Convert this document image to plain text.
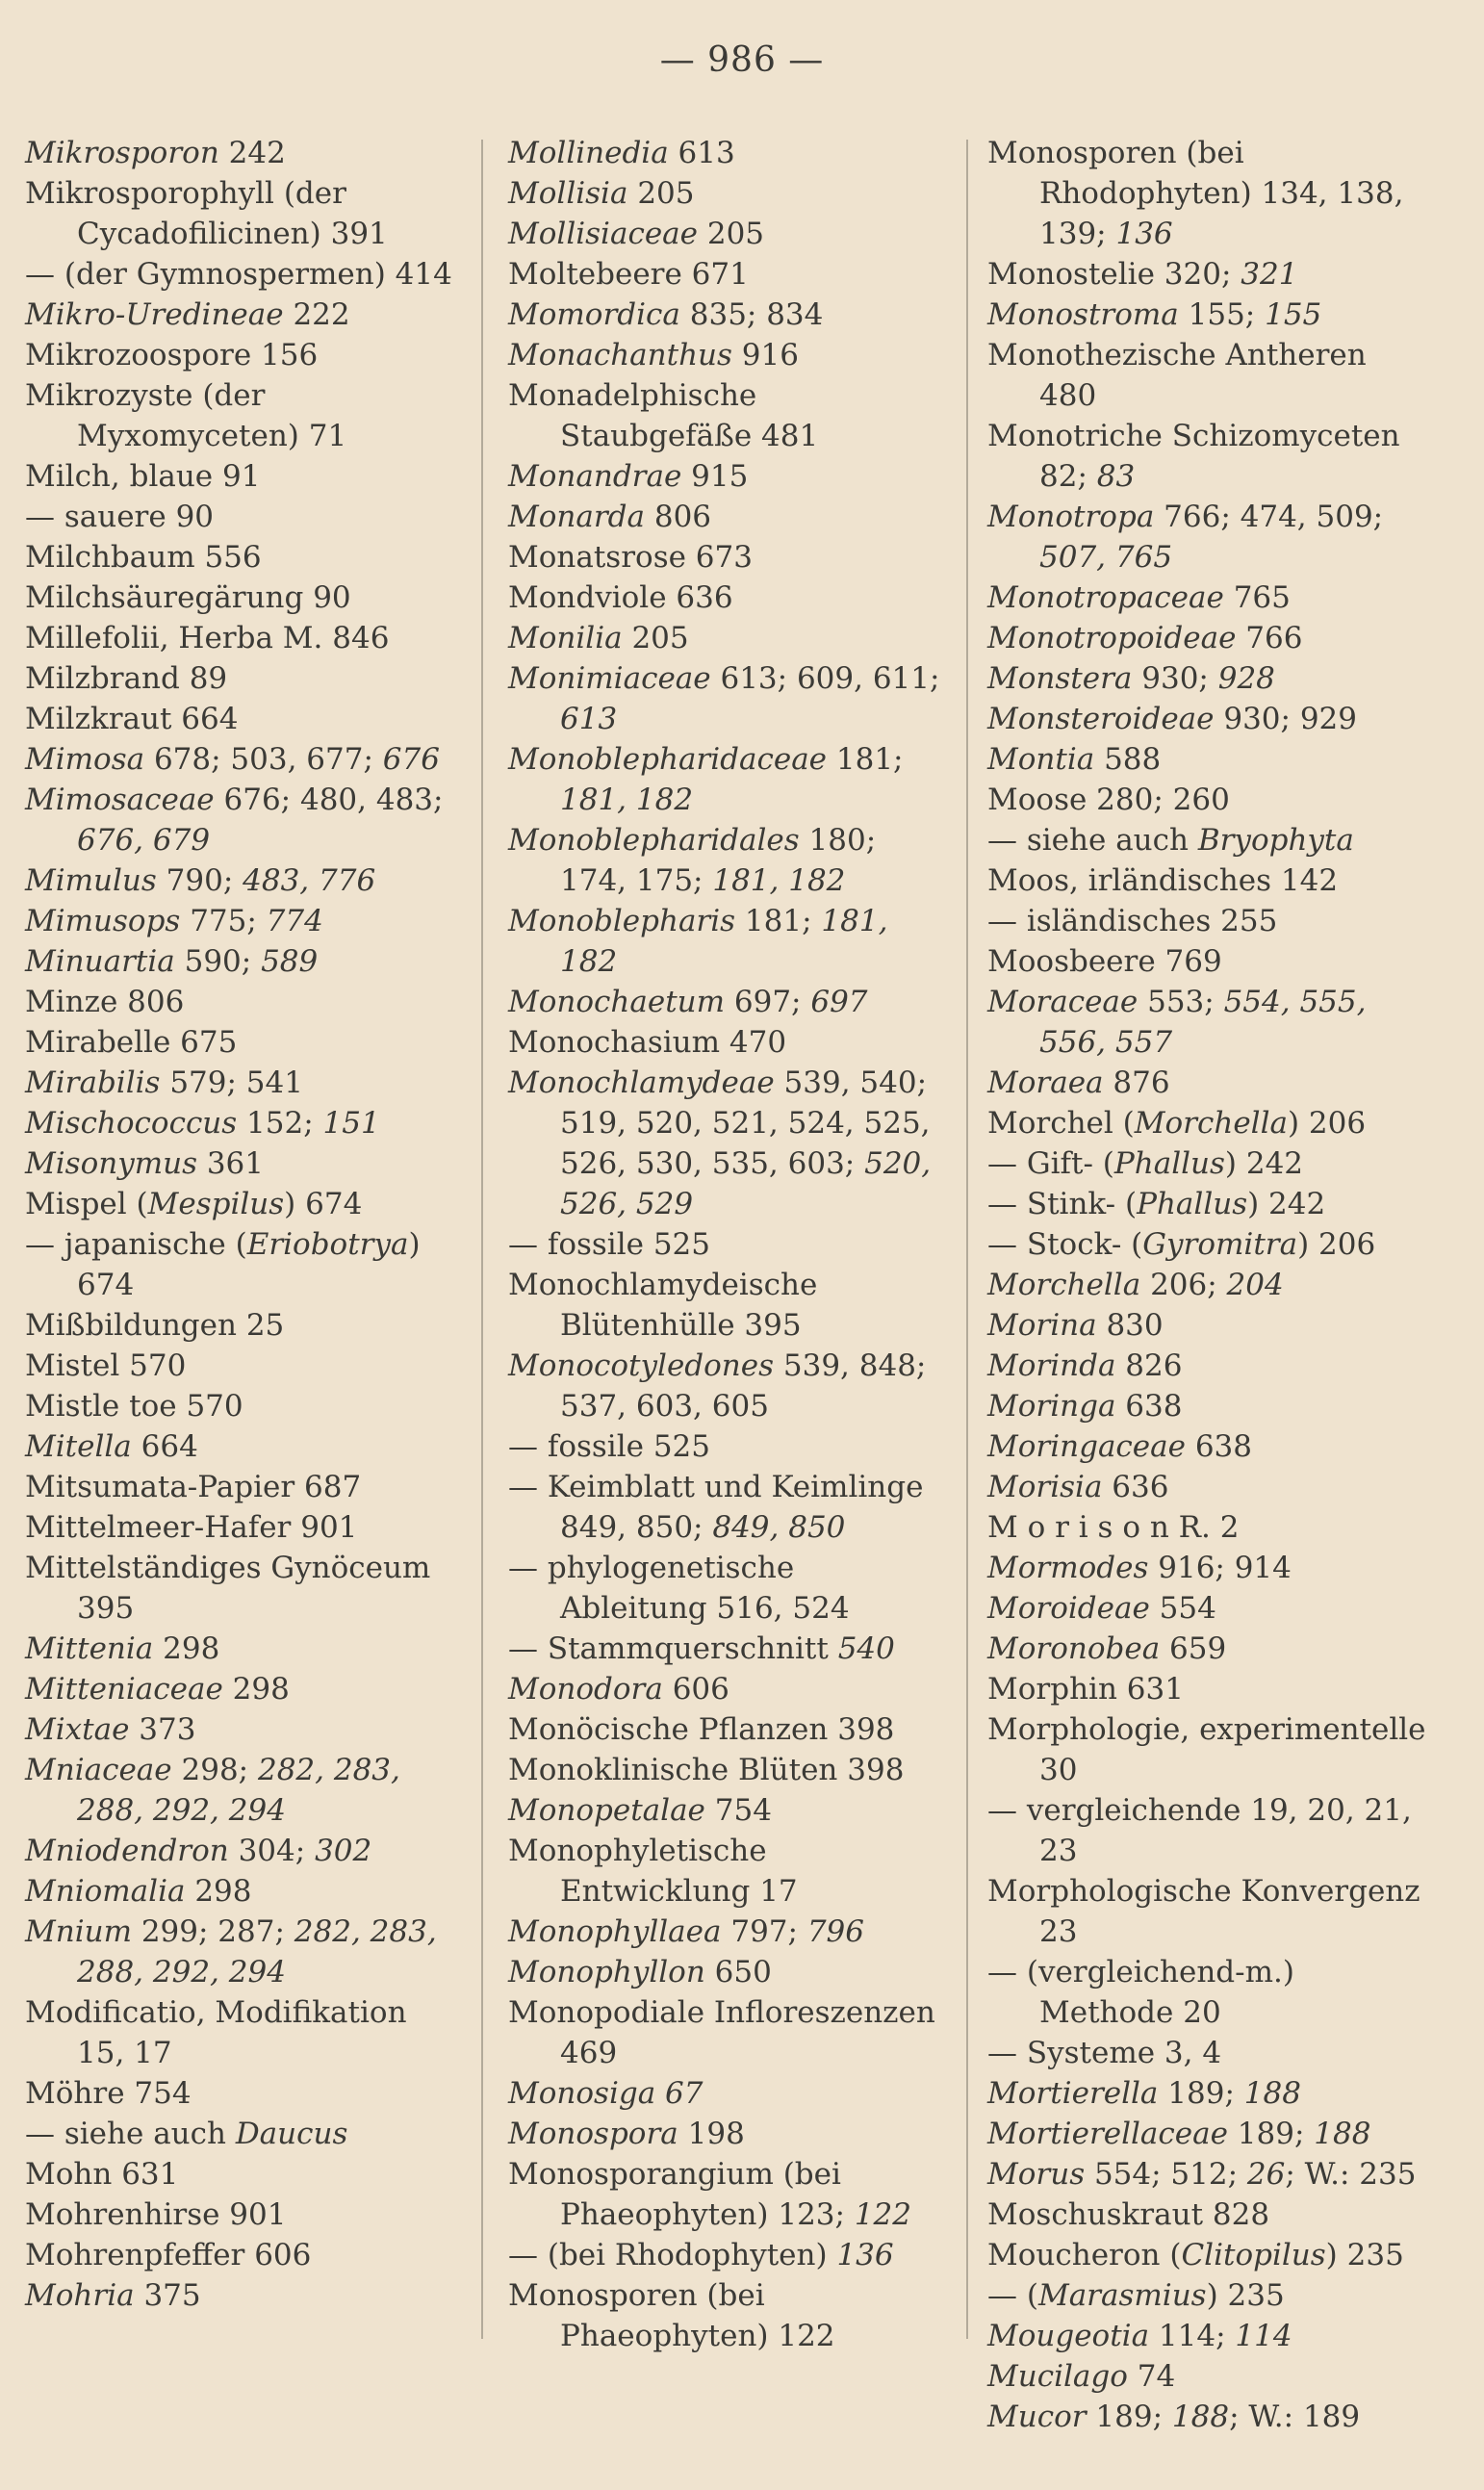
— 986 —

Mikrosporon 242

Mikrosporophyll (der Cycadofilicinen) 391

— (der Gymnospermen) 414

Mikro-Uredineae 222

Mikrozoospore 156

Mikrozyste (der Myxomyceten) 71

Milch, blaue 91

— sauere 90

Milchbaum 556

Milchsäuregärung 90

Millefolii, Herba M. 846

Milzbrand 89

Milzkraut 664

Mimosa 678; 503, 677; 676

Mimosaceae 676; 480, 483; 676, 679

Mimulus 790; 483, 776

Mimusops 775; 774

Minuartia 590; 589

Minze 806

Mirabelle 675

Mirabilis 579; 541

Mischococcus 152; 151

Misonymus 361

Mispel (Mespilus) 674

— japanische (Eriobotrya) 674

Mißbildungen 25

Mistel 570

Mistle toe 570

Mitella 664

Mitsumata-Papier 687

Mittelmeer-Hafer 901

Mittelständiges Gynöceum 395

Mittenia 298

Mitteniaceae 298

Mixtae 373

Mniaceae 298; 282, 283, 288, 292, 294

Mniodendron 304; 302

Mniomalia 298

Mnium 299; 287; 282, 283, 288, 292, 294

Modificatio, Modifikation 15, 17

Möhre 754

— siehe auch Daucus

Mohn 631

Mohrenhirse 901

Mohrenpfeffer 606

Mohria 375

Mollinedia 613

Mollisia 205

Mollisiaceae 205

Moltebeere 671

Momordica 835; 834

Monachanthus 916

Monadelphische Staubgefäße 481

Monandrae 915

Monarda 806

Monatsrose 673

Mondviole 636

Monilia 205

Monimiaceae 613; 609, 611; 613

Monoblepharidaceae 181; 181, 182

Monoblepharidales 180; 174, 175; 181, 182

Monoblepharis 181; 181, 182

Monochaetum 697; 697

Monochasium 470

Monochlamydeae 539, 540; 519, 520, 521, 524, 525, 526, 530, 535, 603; 520, 526, 529

— fossile 525

Monochlamydeische Blütenhülle 395

Monocotyledones 539, 848; 537, 603, 605

— fossile 525

— Keimblatt und Keimlinge 849, 850; 849, 850

— phylogenetische Ableitung 516, 524

— Stammquerschnitt 540

Monodora 606

Monöcische Pflanzen 398

Monoklinische Blüten 398

Monopetalae 754

Monophyletische Entwicklung 17

Monophyllaea 797; 796

Monophyllon 650

Monopodiale Infloreszenzen 469

Monosiga 67

Monospora 198

Monosporangium (bei Phaeophyten) 123; 122

— (bei Rhodophyten) 136

Monosporen (bei Phaeophyten) 122

Monosporen (bei Rhodophyten) 134, 138, 139; 136

Monostelie 320; 321

Monostroma 155; 155

Monothezische Antheren 480

Monotriche Schizomyceten 82; 83

Monotropa 766; 474, 509; 507, 765

Monotropaceae 765

Monotropoideae 766

Monstera 930; 928

Monsteroideae 930; 929

Montia 588

Moose 280; 260

— siehe auch Bryophyta

Moos, irländisches 142

— isländisches 255

Moosbeere 769

Moraceae 553; 554, 555, 556, 557

Moraea 876

Morchel (Morchella) 206

— Gift- (Phallus) 242

— Stink- (Phallus) 242

— Stock- (Gyromitra) 206

Morchella 206; 204

Morina 830

Morinda 826

Moringa 638

Moringaceae 638

Morisia 636

M o r i s o n R. 2

Mormodes 916; 914

Moroideae 554

Moronobea 659

Morphin 631

Morphologie, experimentelle 30

— vergleichende 19, 20, 21, 23

Morphologische Konvergenz 23

— (vergleichend-m.) Methode 20

— Systeme 3, 4

Mortierella 189; 188

Mortierellaceae 189; 188

Morus 554; 512; 26; W.: 235

Moschuskraut 828

Moucheron (Clitopilus) 235

— (Marasmius) 235

Mougeotia 114; 114

Mucilago 74

Mucor 189; 188; W.: 189
